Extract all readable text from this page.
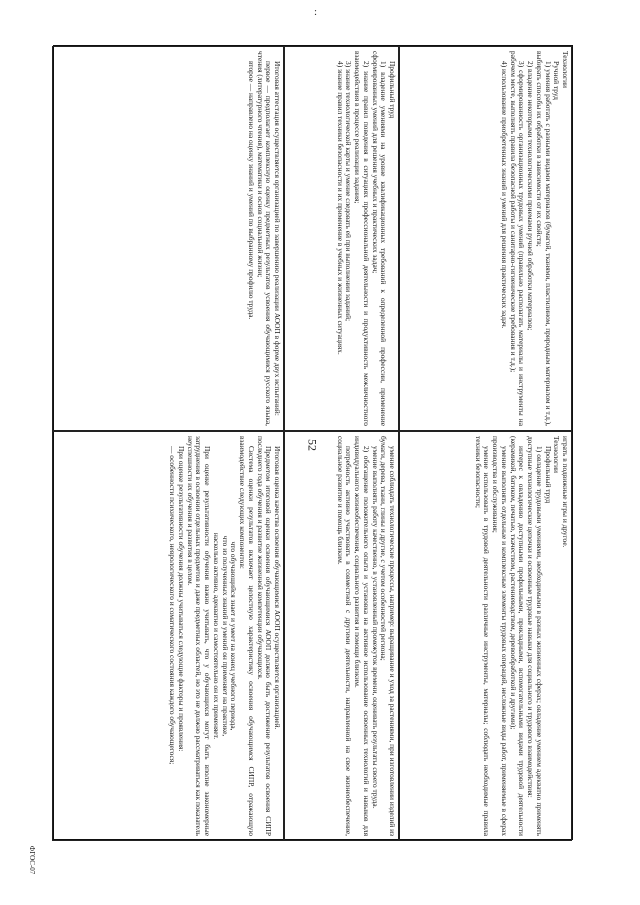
:
52
ФГОС-07

Технологии

Ручной труд

1) умения работать с разными видами материалов (бумагой, тканями, пластилином, природным материалом и т.д.), выбирать способы их обработки в зависимости от их свойств;

2) владение некоторыми технологическими приемами ручной обработки материалов;

3) сформированность организационных трудовых умений (правильно располагать материалы и инструменты на рабочем месте, выполнять правила безопасной работы и санитарно-гигиенические требования и т.д.);

4) использование приобретенных знаний и умений для решения практических задач.

играть в подвижные игры и другое.

Технологии

Профильный труд

1) овладение трудовыми умениями, необходимыми в разных жизненных сферах; овладение умением адекватно применять доступные технологические цепочки и освоенные трудовые навыки для социального и трудового взаимодействия:

интерес к овладению доступными профильными, прикладными, вспомогательными видами трудовой деятельности (керамикой, батиком, печатью, ткачеством, растениеводством, деревообработкой и другими);

умение выполнять отдельные и комплексные элементы трудовых операций, несложные виды работ, применяемые в сферах производства и обслуживания;

умение использовать в трудовой деятельности различные инструменты, материалы; соблюдать необходимые правила техники безопасности;

Профильный труд

1) владение умениями на уровне квалификационных требований к определенной профессии, применение сформированных умений для решения учебных и практических задач;

2) знание правил поведения в ситуациях профессиональной деятельности и продуктивность межличностного взаимодействия в процессе реализации задания;

3) знание технологической карты и умение следовать ей при выполнении заданий;

4) знание правил техники безопасности и их применение в учебных и жизненных ситуациях.

умение соблюдать технологические процессы, например: выращивание и уход за растениями, при изготовлении изделий из бумаги, дерева, ткани, глины и другие, с учетом особенностей региона;

умение выполнять работу качественно, в установленный промежуток времени, оценивать результаты своего труда.

2) обогащение положительного опыта и установка на активное использование освоенных технологий и навыков для индивидуального жизнеобеспечения, социального развития и помощи близким.

потребность активно участвовать в совместной с другими деятельности, направленной на свое жизнеобеспечение, социальное развитие и помощь близким.

Итоговая аттестация осуществляется организацией по завершению реализации АООП в форме двух испытаний:

первое — предполагает комплексную оценку предметных результатов усвоения обучающимися русского языка, чтения (литературного чтения), математики и основ социальной жизни;

второе — направлено на оценку знаний и умений по выбранному профилю труда.

Итоговая оценка качества освоения обучающимися АООП осуществляется организацией.

Предметом итоговой оценки освоения обучающимися АООП должно быть достижение результатов освоения СИПР последнего года обучения и развитие жизненной компетенции обучающихся.

Система оценки результатов включает целостную характеристику освоения обучающимся СИПР, отражающую взаимодействие следующих компонентов:

что обучающийся знает и умеет на конец учебного периода,

что из полученных знаний и умений он применяет на практике,

насколько активно, адекватно и самостоятельно он их применяет.

При оценке результативности обучения важно учитывать, что у обучающихся могут быть вполне закономерные затруднения в освоении отдельных предметов и даже предметных областей, но это не должно рассматриваться как показатель неуспешности их обучения и развития в целом.

При оценке результативности обучения должны учитываться следующие факторы и проявления:

— особенности психического, неврологического и соматического состояния каждого обучающегося;
